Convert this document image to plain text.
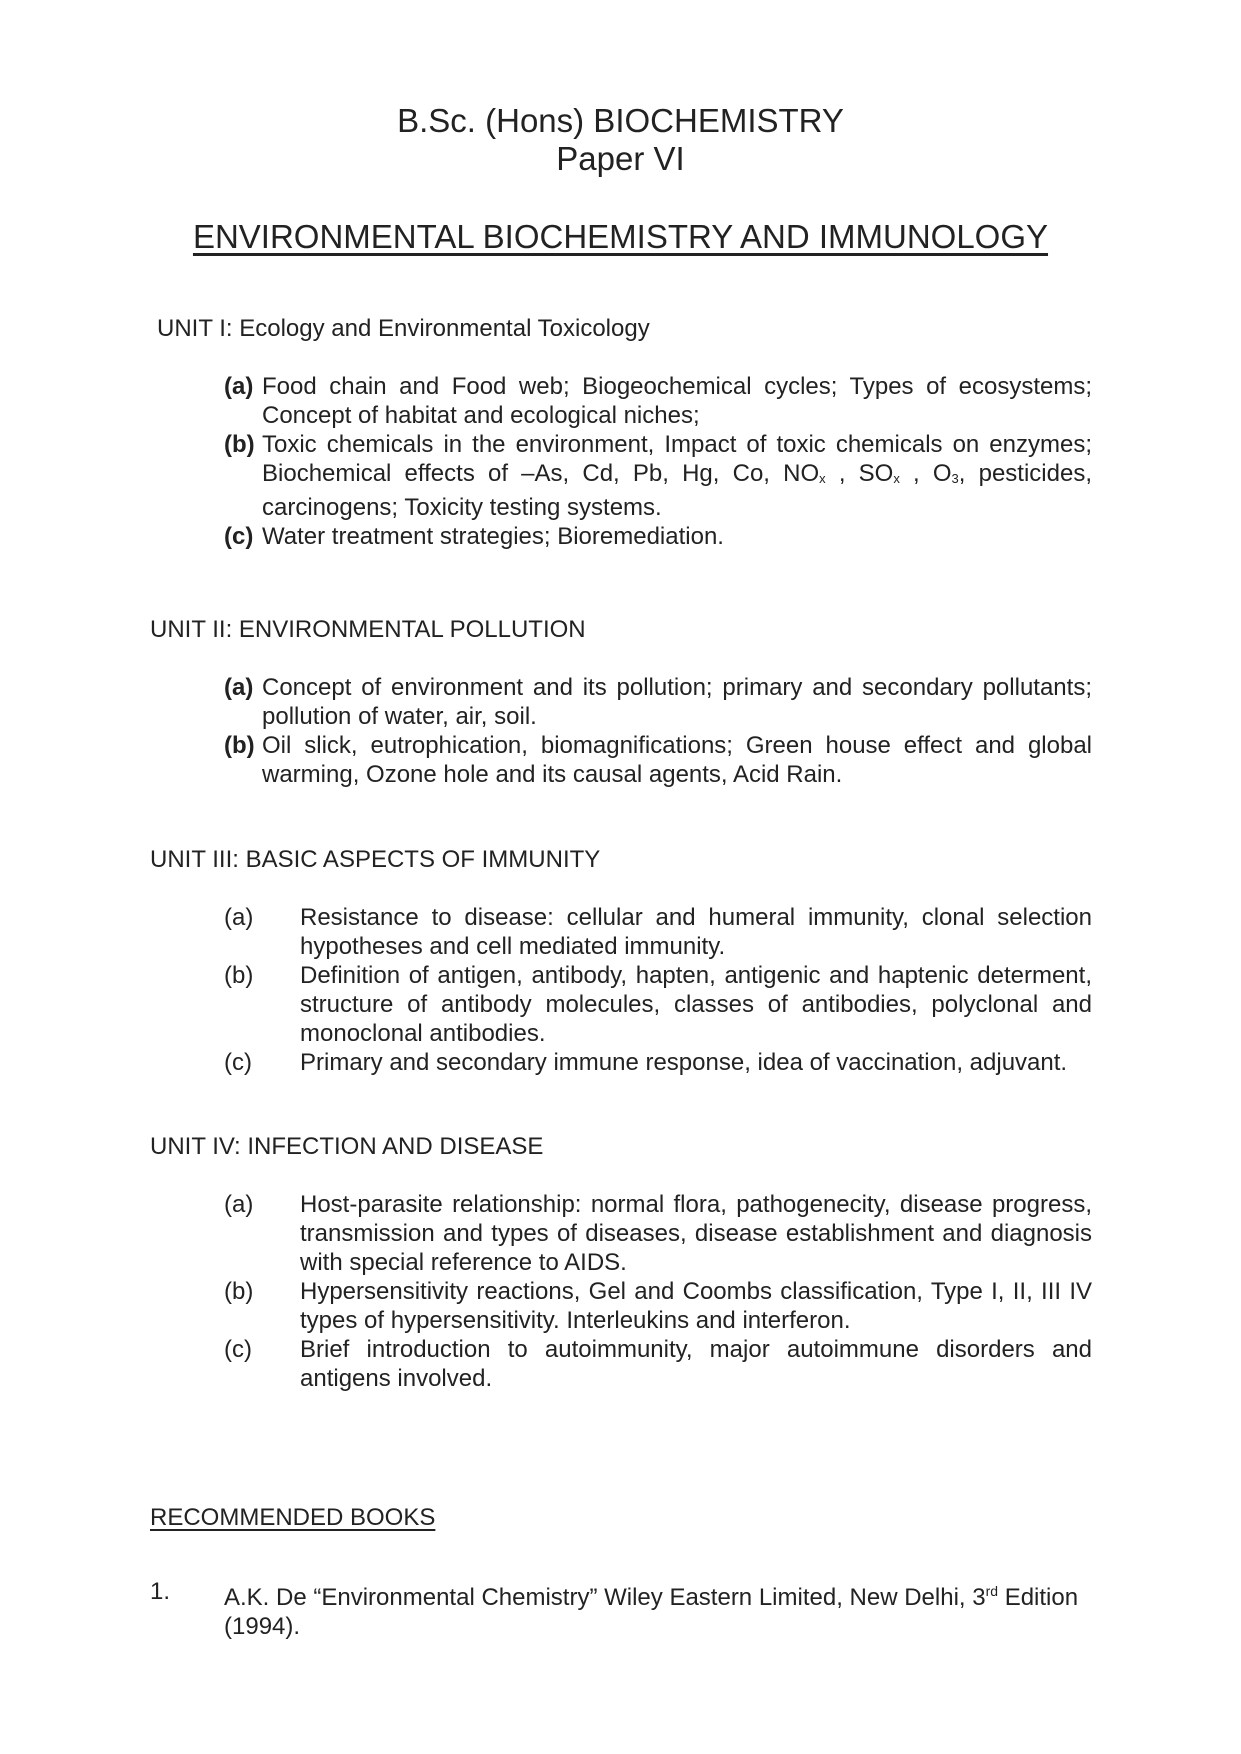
B.Sc. (Hons) BIOCHEMISTRY
Paper VI
ENVIRONMENTAL BIOCHEMISTRY AND IMMUNOLOGY
UNIT I: Ecology and Environmental Toxicology
(a) Food chain and Food web; Biogeochemical cycles; Types of ecosystems; Concept of habitat and ecological niches;
(b) Toxic chemicals in the environment, Impact of toxic chemicals on enzymes; Biochemical effects of –As, Cd, Pb, Hg, Co, $NO_x$ , $SO_x$ , $O_3$, pesticides, carcinogens; Toxicity testing systems.
(c) Water treatment strategies; Bioremediation.
UNIT II: ENVIRONMENTAL POLLUTION
(a) Concept of environment and its pollution; primary and secondary pollutants; pollution of water, air, soil.
(b) Oil slick, eutrophication, biomagnifications; Green house effect and global warming, Ozone hole and its causal agents, Acid Rain.
UNIT III: BASIC ASPECTS OF IMMUNITY
(a)	Resistance to disease: cellular and humeral immunity, clonal selection hypotheses and cell mediated immunity.
(b)	Definition of antigen, antibody, hapten, antigenic and haptenic determent, structure of antibody molecules, classes of antibodies, polyclonal and monoclonal antibodies.
(c)	Primary and secondary immune response, idea of vaccination, adjuvant.
UNIT IV: INFECTION AND DISEASE
(a)	Host-parasite relationship: normal flora, pathogenecity, disease progress, transmission and types of diseases, disease establishment and diagnosis with special reference to AIDS.
(b)	Hypersensitivity reactions, Gel and Coombs classification, Type I, II, III IV types of hypersensitivity. Interleukins and interferon.
(c)	Brief introduction to autoimmunity, major autoimmune disorders and antigens involved.
RECOMMENDED BOOKS
1.	A.K. De “Environmental Chemistry” Wiley Eastern Limited, New Delhi, 3rd Edition (1994).
